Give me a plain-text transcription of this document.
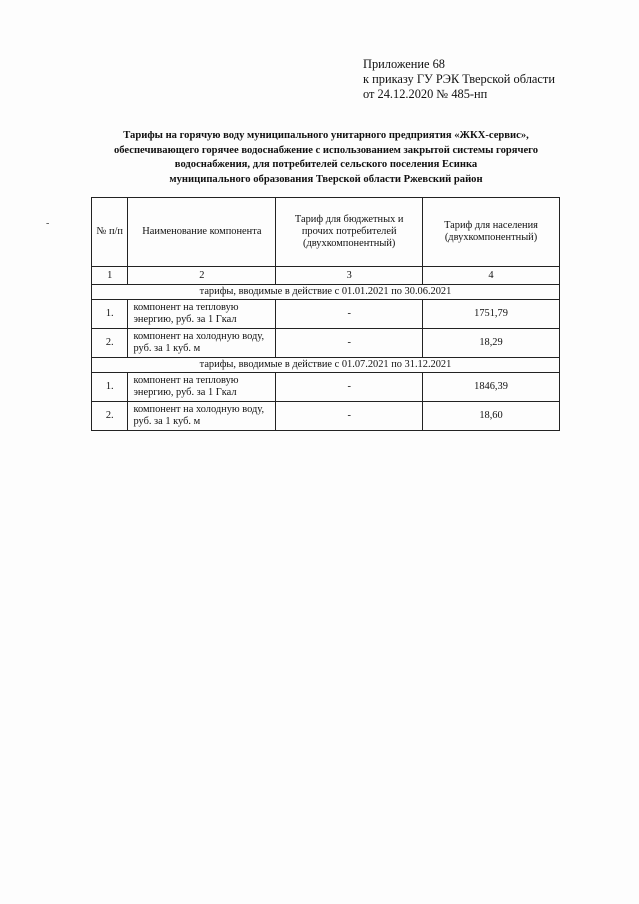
Приложение 68
к приказу ГУ РЭК Тверской области
от 24.12.2020 № 485-нп
Тарифы на горячую воду муниципального унитарного предприятия «ЖКХ-сервис»,
обеспечивающего горячее водоснабжение с использованием закрытой системы горячего
водоснабжения, для потребителей сельского поселения Есинка
муниципального образования Тверской области Ржевский район
-
№ п/п	Наименование компонента	Тариф для бюджетных и прочих потребителей (двухкомпонентный)	Тариф для населения (двухкомпонентный)
1	2	3	4
тарифы, вводимые в действие с 01.01.2021 по 30.06.2021			
1.	компонент на тепловую энергию, руб. за 1 Гкал	-	1751,79
2.	компонент на холодную воду, руб. за 1 куб. м	-	18,29
тарифы, вводимые в действие с 01.07.2021 по 31.12.2021			
1.	компонент на тепловую энергию, руб. за 1 Гкал	-	1846,39
2.	компонент на холодную воду, руб. за 1 куб. м	-	18,60
